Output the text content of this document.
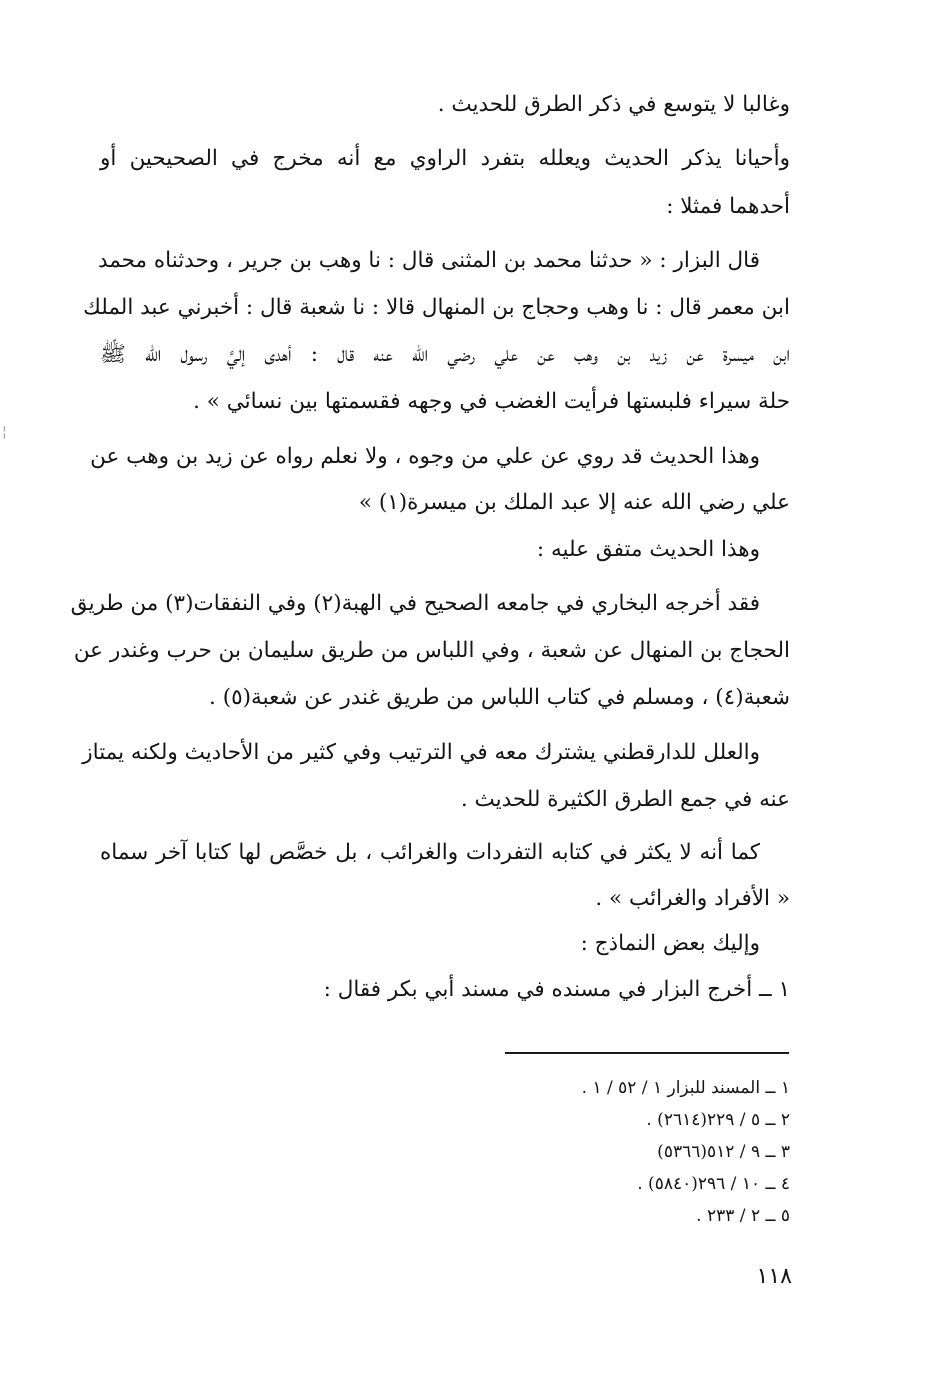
وغالبا لا يتوسع في ذكر الطرق للحديث .
وأحيانا يذكر الحديث ويعلله بتفرد الراوي مع أنه مخرج في الصحيحين أو
أحدهما فمثلا :
قال البزار : « حدثنا محمد بن المثنى قال : نا وهب بن جرير ، وحدثناه محمد
ابن معمر قال : نا وهب وحجاج بن المنهال قالا : نا شعبة قال : أخبرني عبد الملك
ابن ميسرة عن زيد بن وهب عن علي رضي الله عنه قال : أهدى إليَّ رسول الله ﷺ
حلة سيراء فلبستها فرأيت الغضب في وجهه فقسمتها بين نسائي » .
وهذا الحديث قد روي عن علي من وجوه ، ولا نعلم رواه عن زيد بن وهب عن
علي رضي الله عنه إلا عبد الملك بن ميسرة(١) »
وهذا الحديث متفق عليه :
فقد أخرجه البخاري في جامعه الصحيح في الهبة(٢) وفي النفقات(٣) من طريق
الحجاج بن المنهال عن شعبة ، وفي اللباس من طريق سليمان بن حرب وغندر عن
شعبة(٤) ، ومسلم في كتاب اللباس من طريق غندر عن شعبة(٥) .
والعلل للدارقطني يشترك معه في الترتيب وفي كثير من الأحاديث ولكنه يمتاز
عنه في جمع الطرق الكثيرة للحديث .
كما أنه لا يكثر في كتابه التفردات والغرائب ، بل خصَّص لها كتابا آخر سماه
« الأفراد والغرائب » .
وإليك بعض النماذج :
١ ــ أخرج البزار في مسنده في مسند أبي بكر فقال :
١ ــ المسند للبزار ١ / ٥٢ / ١ .
٢ ــ ٥ / ٢٢٩(٢٦١٤) .
٣ ــ ٩ / ٥١٢(٥٣٦٦)
٤ ــ ١٠ / ٢٩٦(٥٨٤٠) .
٥ ــ ٢ / ٢٣٣ .
١١٨
¦
